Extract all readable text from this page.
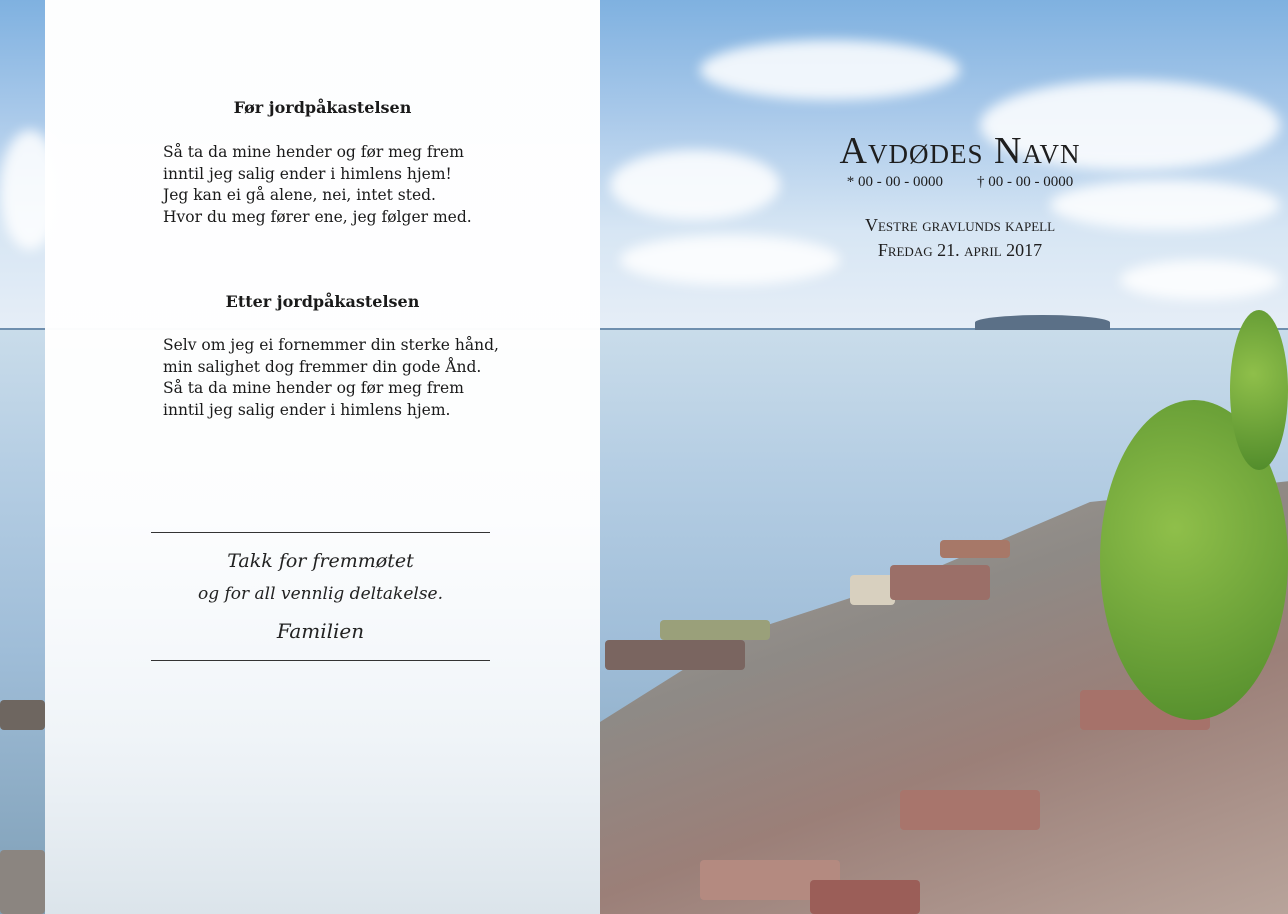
Før jordpåkastelsen
Så ta da mine hender og før meg frem
inntil jeg salig ender i himlens hjem!
Jeg kan ei gå alene, nei, intet sted.
Hvor du meg fører ene, jeg følger med.
Etter jordpåkastelsen
Selv om jeg ei fornemmer din sterke hånd,
min salighet dog fremmer din gode Ånd.
Så ta da mine hender og før meg frem
inntil jeg salig ender i himlens hjem.
Takk for fremmøtet
og for all vennlig deltakelse.
Familien
Avdødes Navn
* 00 - 00 - 0000 † 00 - 00 - 0000
Vestre gravlunds kapell
Fredag 21. april 2017
